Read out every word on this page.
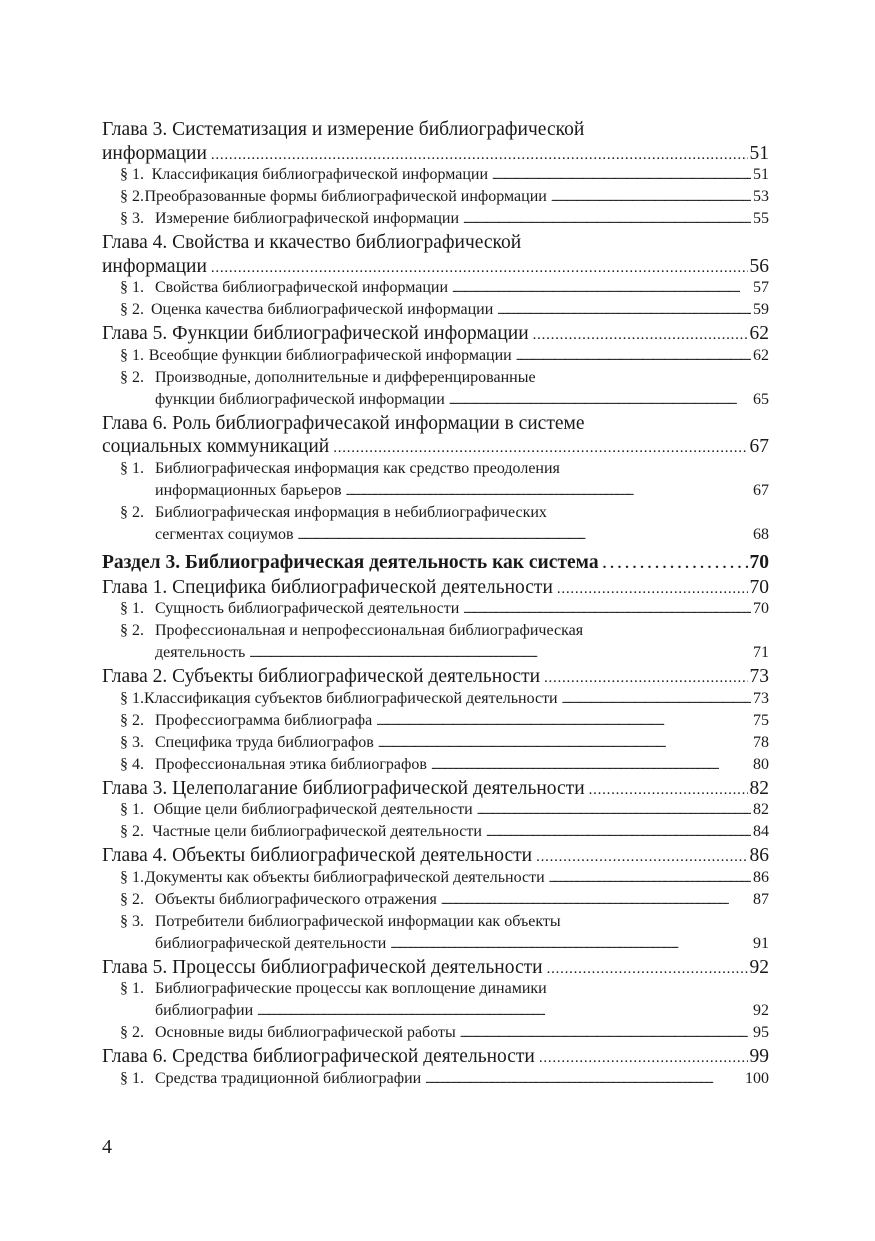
Глава 3. Систематизация и измерение библиографической
информации . . .	51
§ 1. Классификация библиографической информации . . .	51
§ 2. Преобразованные формы библиографической информации . . .	53
§ 3. Измерение библиографической информации . . .	55
Глава 4. Свойства и ккачество библиографической
информации . . .	56
§ 1. Свойства библиографической информации . . .	57
§ 2. Оценка качества библиографической информации . . .	59
Глава 5. Функции библиографической информации . . .	62
§ 1. Всеобщие функции библиографической информации . . .	62
§ 2. Производные, дополнительные и дифференцированные
функции библиографической информации . . .	65
Глава 6. Роль библиографичесакой информации в системе
социальных коммуникаций . . .	67
§ 1. Библиографическая информация как средство преодоления
информационных барьеров . . .	67
§ 2. Библиографическая информация в небиблиографических
сегментах социумов . . .	68
Раздел 3. Библиографическая деятельность как система . . .	70
Глава 1. Специфика библиографической деятельности . . .	70
§ 1. Сущность библиографической деятельности . . .	70
§ 2. Профессиональная и непрофессиональная библиографическая
деятельность . . .	71
Глава 2. Субъекты библиографической деятельности . . .	73
§ 1. Классификация субъектов библиографической деятельности . . .	73
§ 2. Профессиограмма библиографа . . .	75
§ 3. Специфика труда библиографов . . .	78
§ 4. Профессиональная этика библиографов . . .	80
Глава 3. Целеполагание библиографической деятельности . . .	82
§ 1. Общие цели библиографической деятельности . . .	82
§ 2. Частные цели библиографической деятельности . . .	84
Глава 4. Объекты библиографической деятельности . . .	86
§ 1. Документы как объекты библиографической деятельности . . .	86
§ 2. Объекты библиографического отражения . . .	87
§ 3. Потребители библиографической информации как объекты
библиографической деятельности . . .	91
Глава 5. Процессы библиографической деятельности . . .	92
§ 1. Библиографические процессы как воплощение динамики
библиографии . . .	92
§ 2. Основные виды библиографической работы . . .	95
Глава 6. Средства библиографической деятельности . . .	99
§ 1. Средства традиционной библиографии . . .	100
4
